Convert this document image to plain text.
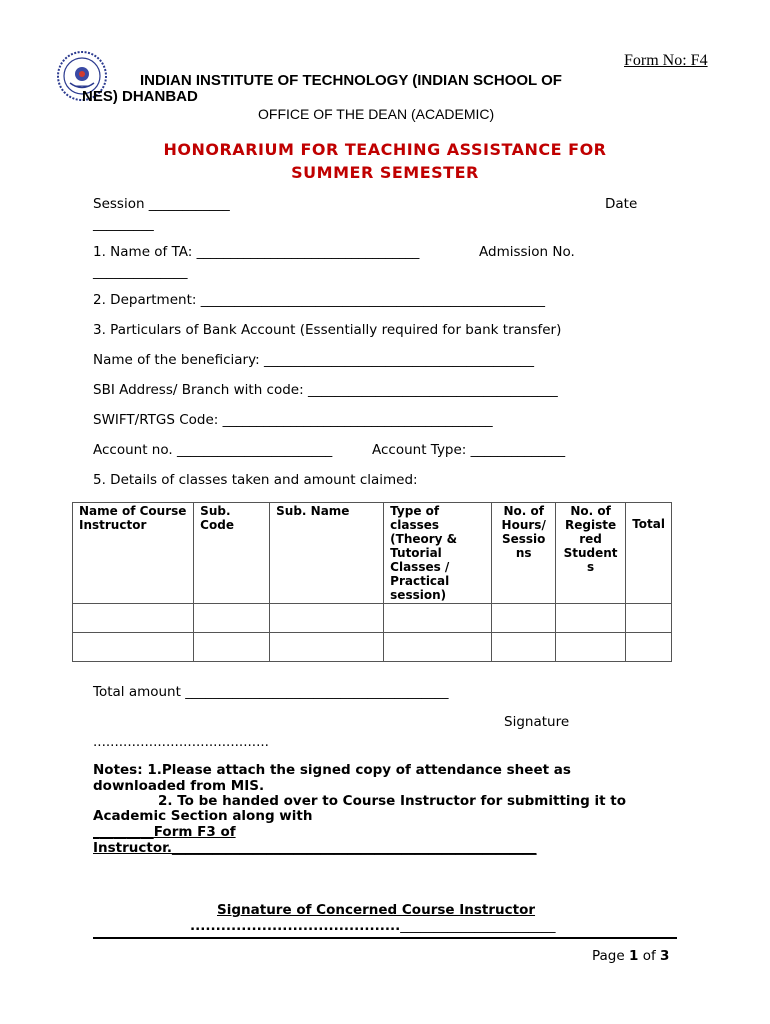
Form No: F4
INDIAN INSTITUTE OF TECHNOLOGY (INDIAN SCHOOL OF
NES) DHANBAD
OFFICE OF THE DEAN (ACADEMIC)
HONORARIUM FOR TEACHING ASSISTANCE FOR
SUMMER SEMESTER
Session ____________	Date
_________
1. Name of TA: _________________________________	Admission No.
______________
2. Department: ___________________________________________________
3. Particulars of Bank Account (Essentially required for bank transfer)
Name of the beneficiary: ________________________________________
SBI Address/ Branch with code: _____________________________________
SWIFT/RTGS Code: ________________________________________
Account no. _______________________	Account Type: ______________
5. Details of classes taken and amount claimed:
Name of Course Instructor	Sub. Code	Sub. Name	Type of classes (Theory & Tutorial Classes / Practical session)	No. of
Hours/
Sessio
ns	No. of
Registe
red
Student
s	Total

Total amount _______________________________________
Signature
.........................................
Notes: 1.Please attach the signed copy of attendance sheet as
downloaded from MIS.
2. To be handed over to Course Instructor for submitting it to
Academic Section along with
_________Form F3 of
Instructor.______________________________________________________
Signature of Concerned Course Instructor
........................................._______________________
Page 1 of 3
